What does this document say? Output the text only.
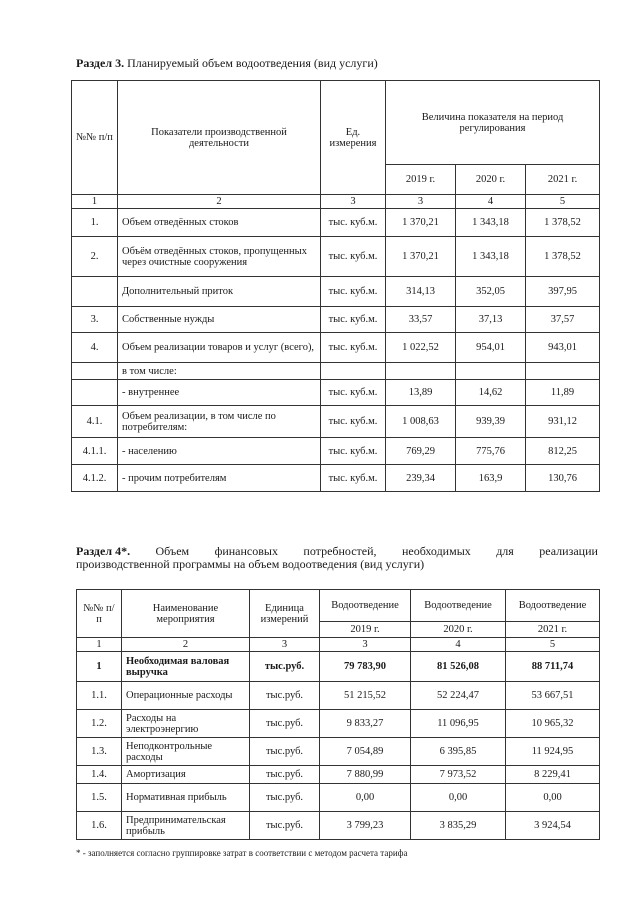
Раздел 3. Планируемый объем водоотведения (вид услуги)
№№ п/п	Показатели производственной деятельности	Ед. измерения	Величина показателя на период регулирования		
			2019 г.	2020 г.	2021 г.
1	2	3	3	4	5
1.	Объем отведённых стоков	тыс. куб.м.	1 370,21	1 343,18	1 378,52
2.	Объём отведённых стоков, пропущенных через очистные сооружения	тыс. куб.м.	1 370,21	1 343,18	1 378,52
	Дополнительный приток	тыс. куб.м.	314,13	352,05	397,95
3.	Собственные нужды	тыс. куб.м.	33,57	37,13	37,57
4.	Объем реализации товаров и услуг (всего),	тыс. куб.м.	1 022,52	954,01	943,01
	в том числе:				
	- внутреннее	тыс. куб.м.	13,89	14,62	11,89
4.1.	Объем реализации, в том числе по потребителям:	тыс. куб.м.	1 008,63	939,39	931,12
4.1.1.	- населению	тыс. куб.м.	769,29	775,76	812,25
4.1.2.	- прочим потребителям	тыс. куб.м.	239,34	163,9	130,76
Раздел 4*. Объем финансовых потребностей, необходимых для реализации
производственной программы на объем водоотведения (вид услуги)
№№ п/п	Наименование мероприятия	Единица измерений	Водоотведение	Водоотведение	Водоотведение
			2019 г.	2020 г.	2021 г.
1	2	3	3	4	5
1	Необходимая валовая выручка	тыс.руб.	79 783,90	81 526,08	88 711,74
1.1.	Операционные расходы	тыс.руб.	51 215,52	52 224,47	53 667,51
1.2.	Расходы на электроэнергию	тыс.руб.	9 833,27	11 096,95	10 965,32
1.3.	Неподконтрольные расходы	тыс.руб.	7 054,89	6 395,85	11 924,95
1.4.	Амортизация	тыс.руб.	7 880,99	7 973,52	8 229,41
1.5.	Нормативная прибыль	тыс.руб.	0,00	0,00	0,00
1.6.	Предпринимательская прибыль	тыс.руб.	3 799,23	3 835,29	3 924,54
* - заполняется согласно группировке затрат в соответствии с методом расчета тарифа
